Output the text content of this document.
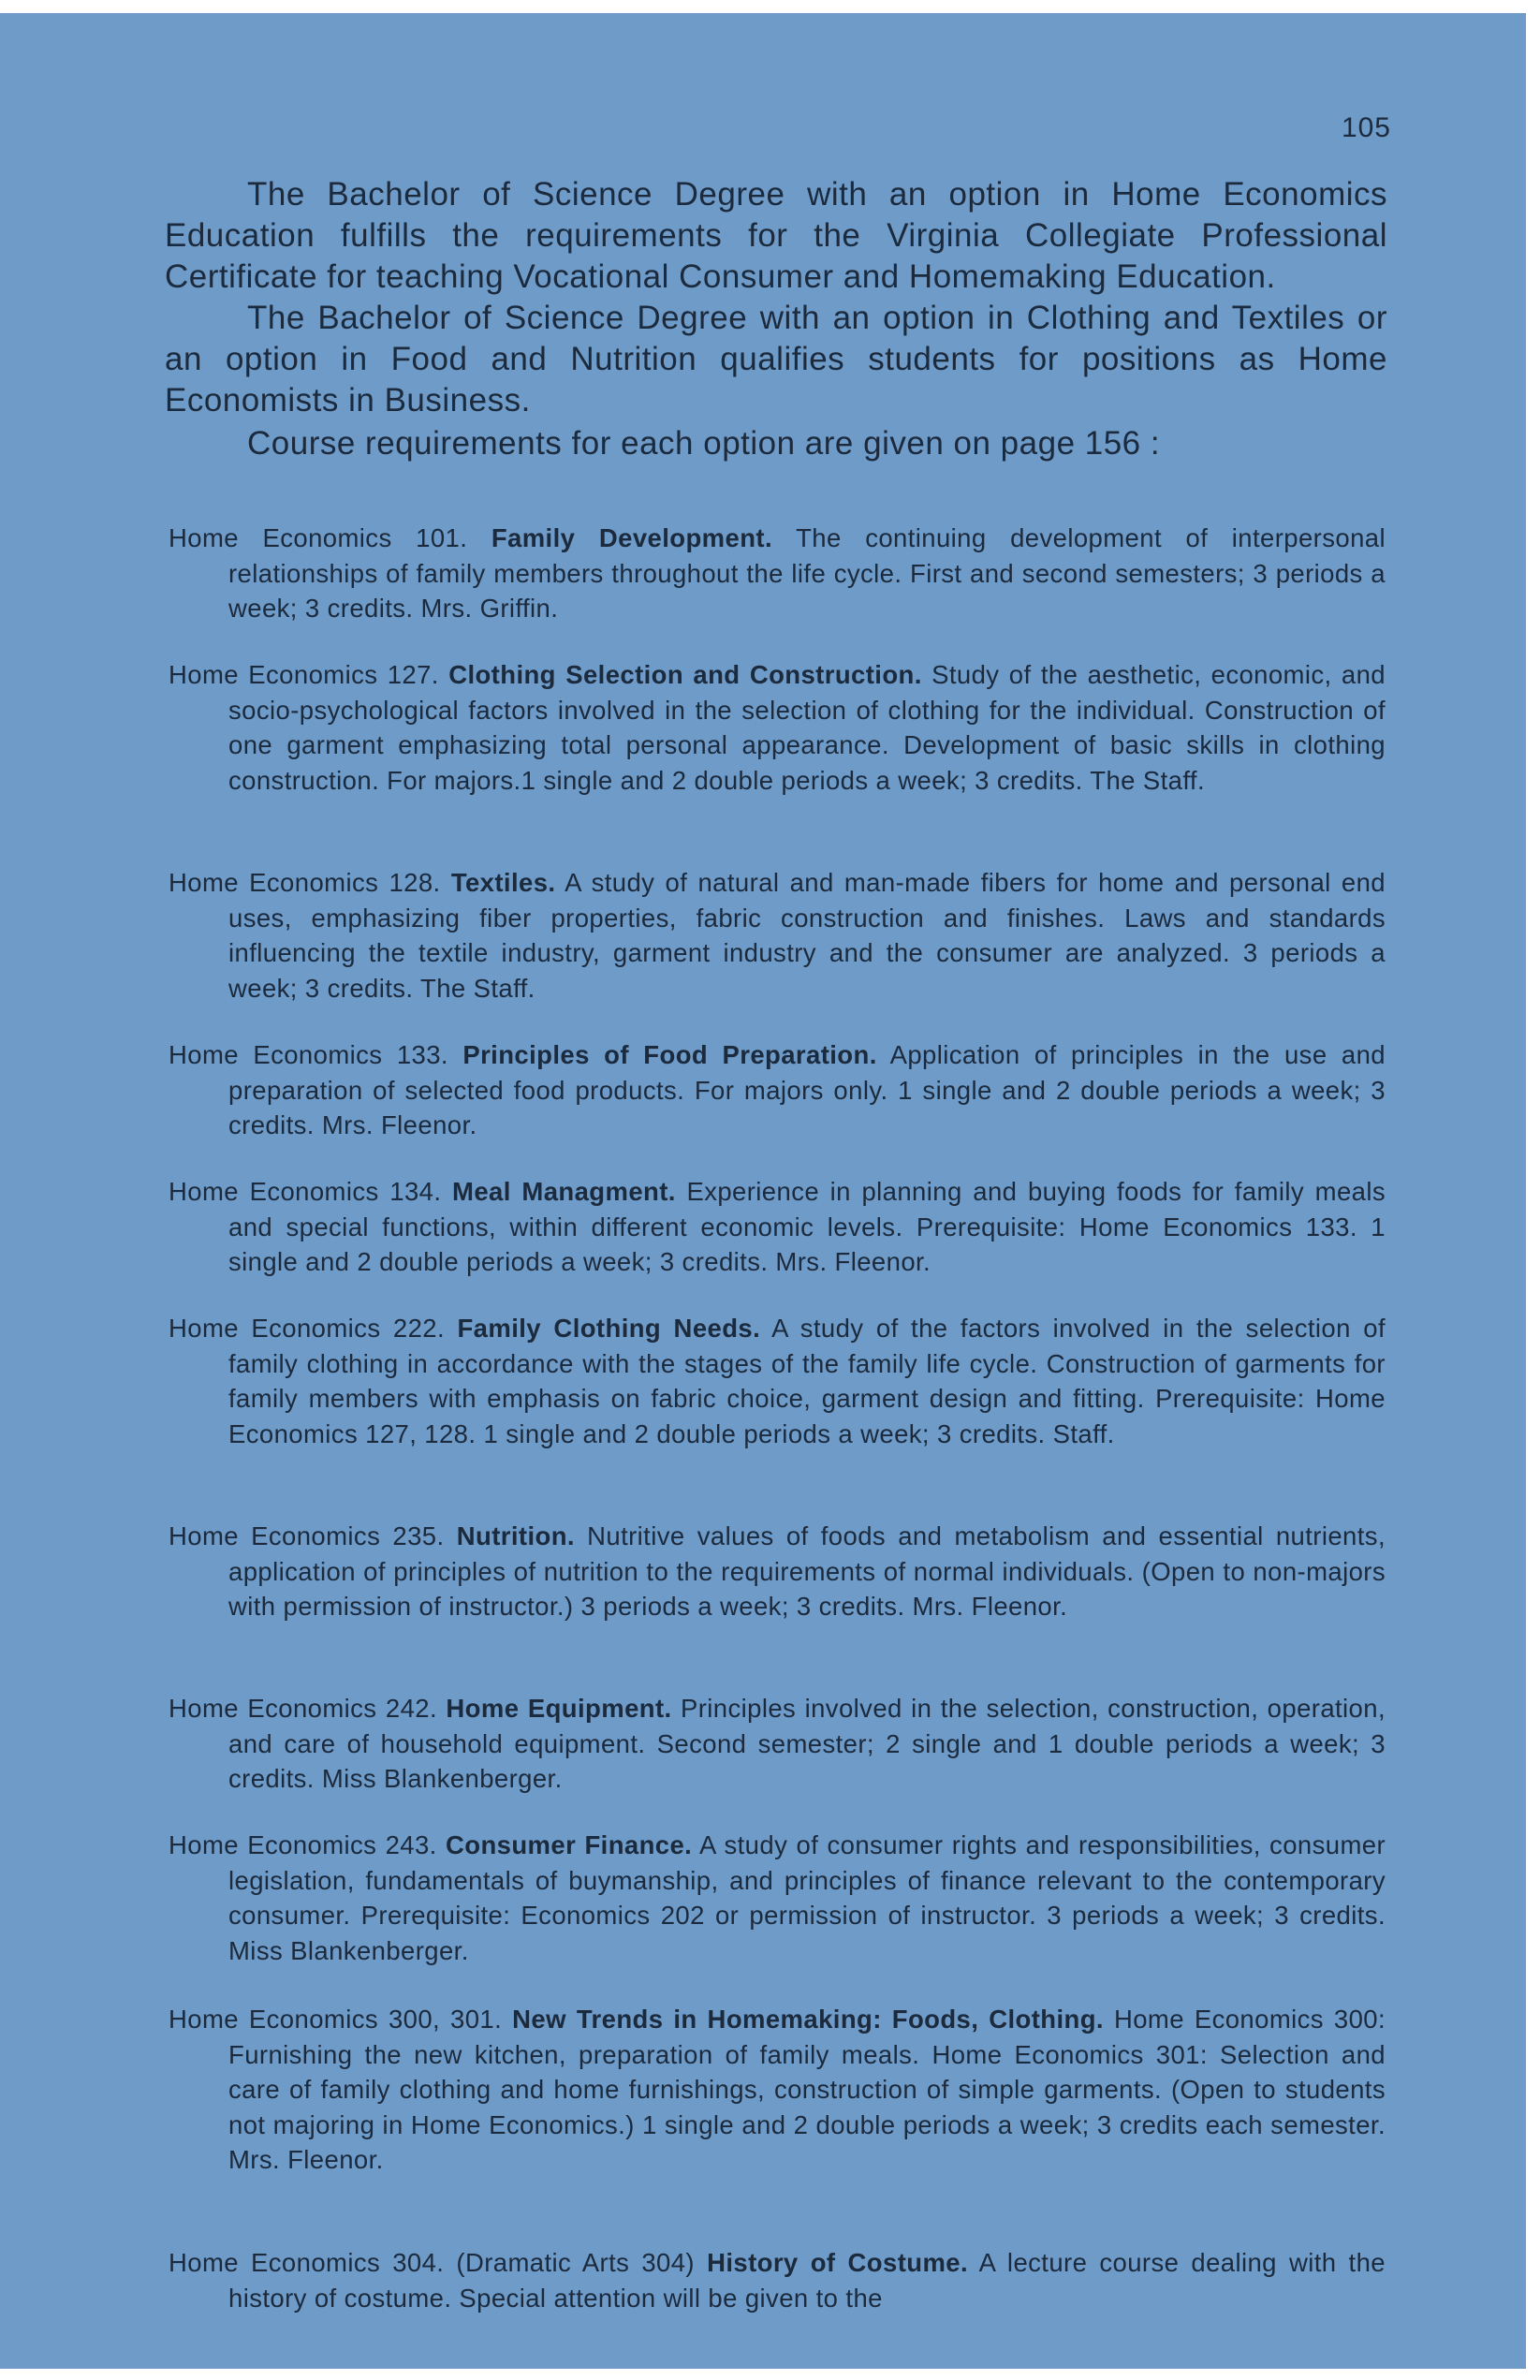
105

The Bachelor of Science Degree with an option in Home Economics Education fulfills the requirements for the Virginia Collegiate Professional Certificate for teaching Vocational Consumer and Homemaking Education.

The Bachelor of Science Degree with an option in Clothing and Textiles or an option in Food and Nutrition qualifies students for positions as Home Economists in Business.

Course requirements for each option are given on page 156 :

Home Economics 101. Family Development. The continuing development of interpersonal relationships of family members throughout the life cycle. First and second semesters; 3 periods a week; 3 credits. Mrs. Griffin.

Home Economics 127. Clothing Selection and Construction. Study of the aesthetic, economic, and socio-psychological factors involved in the selection of clothing for the individual. Construction of one garment emphasizing total personal appearance. Development of basic skills in clothing construction. For majors.1 single and 2 double periods a week; 3 credits. The Staff.

Home Economics 128. Textiles. A study of natural and man-made fibers for home and personal end uses, emphasizing fiber properties, fabric construction and finishes. Laws and standards influencing the textile industry, garment industry and the consumer are analyzed. 3 periods a week; 3 credits. The Staff.

Home Economics 133. Principles of Food Preparation. Application of principles in the use and preparation of selected food products. For majors only. 1 single and 2 double periods a week; 3 credits. Mrs. Fleenor.

Home Economics 134. Meal Managment. Experience in planning and buying foods for family meals and special functions, within different economic levels. Prerequisite: Home Economics 133. 1 single and 2 double periods a week; 3 credits. Mrs. Fleenor.

Home Economics 222. Family Clothing Needs. A study of the factors involved in the selection of family clothing in accordance with the stages of the family life cycle. Construction of garments for family members with emphasis on fabric choice, garment design and fitting. Prerequisite: Home Economics 127, 128. 1 single and 2 double periods a week; 3 credits. Staff.

Home Economics 235. Nutrition. Nutritive values of foods and metabolism and essential nutrients, application of principles of nutrition to the requirements of normal individuals. (Open to non-majors with permission of instructor.) 3 periods a week; 3 credits. Mrs. Fleenor.

Home Economics 242. Home Equipment. Principles involved in the selection, construction, operation, and care of household equipment. Second semester; 2 single and 1 double periods a week; 3 credits. Miss Blankenberger.

Home Economics 243. Consumer Finance. A study of consumer rights and responsibilities, consumer legislation, fundamentals of buymanship, and principles of finance relevant to the contemporary consumer. Prerequisite: Economics 202 or permission of instructor. 3 periods a week; 3 credits. Miss Blankenberger.

Home Economics 300, 301. New Trends in Homemaking: Foods, Clothing. Home Economics 300: Furnishing the new kitchen, preparation of family meals. Home Economics 301: Selection and care of family clothing and home furnishings, construction of simple garments. (Open to students not majoring in Home Economics.) 1 single and 2 double periods a week; 3 credits each semester. Mrs. Fleenor.

Home Economics 304. (Dramatic Arts 304) History of Costume. A lecture course dealing with the history of costume. Special attention will be given to the
